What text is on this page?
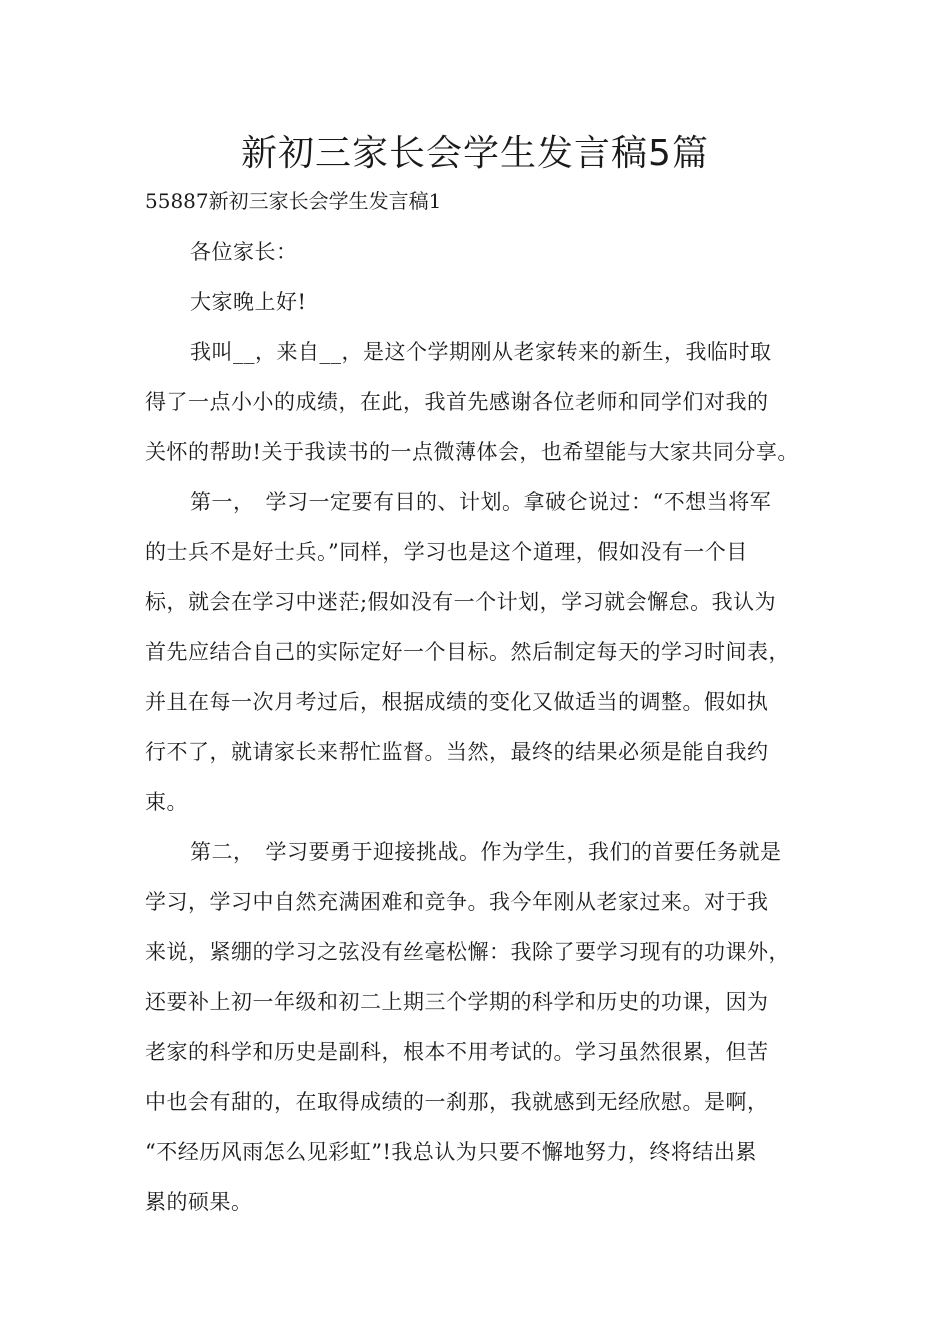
新初三家长会学生发言稿5篇

55887新初三家长会学生发言稿1

各位家长：

大家晚上好!

我叫__，来自__，是这个学期刚从老家转来的新生，我临时取

得了一点小小的成绩，在此，我首先感谢各位老师和同学们对我的

关怀的帮助!关于我读书的一点微薄体会，也希望能与大家共同分享。

第一，　学习一定要有目的、计划。拿破仑说过：“不想当将军

的士兵不是好士兵。”同样，学习也是这个道理，假如没有一个目

标，就会在学习中迷茫;假如没有一个计划，学习就会懈怠。我认为

首先应结合自己的实际定好一个目标。然后制定每天的学习时间表，

并且在每一次月考过后，根据成绩的变化又做适当的调整。假如执

行不了，就请家长来帮忙监督。当然，最终的结果必须是能自我约

束。

第二，　学习要勇于迎接挑战。作为学生，我们的首要任务就是

学习，学习中自然充满困难和竞争。我今年刚从老家过来。对于我

来说，紧绷的学习之弦没有丝毫松懈：我除了要学习现有的功课外，

还要补上初一年级和初二上期三个学期的科学和历史的功课，因为

老家的科学和历史是副科，根本不用考试的。学习虽然很累，但苦

中也会有甜的，在取得成绩的一刹那，我就感到无经欣慰。是啊，

“不经历风雨怎么见彩虹”!我总认为只要不懈地努力，终将结出累

累的硕果。
